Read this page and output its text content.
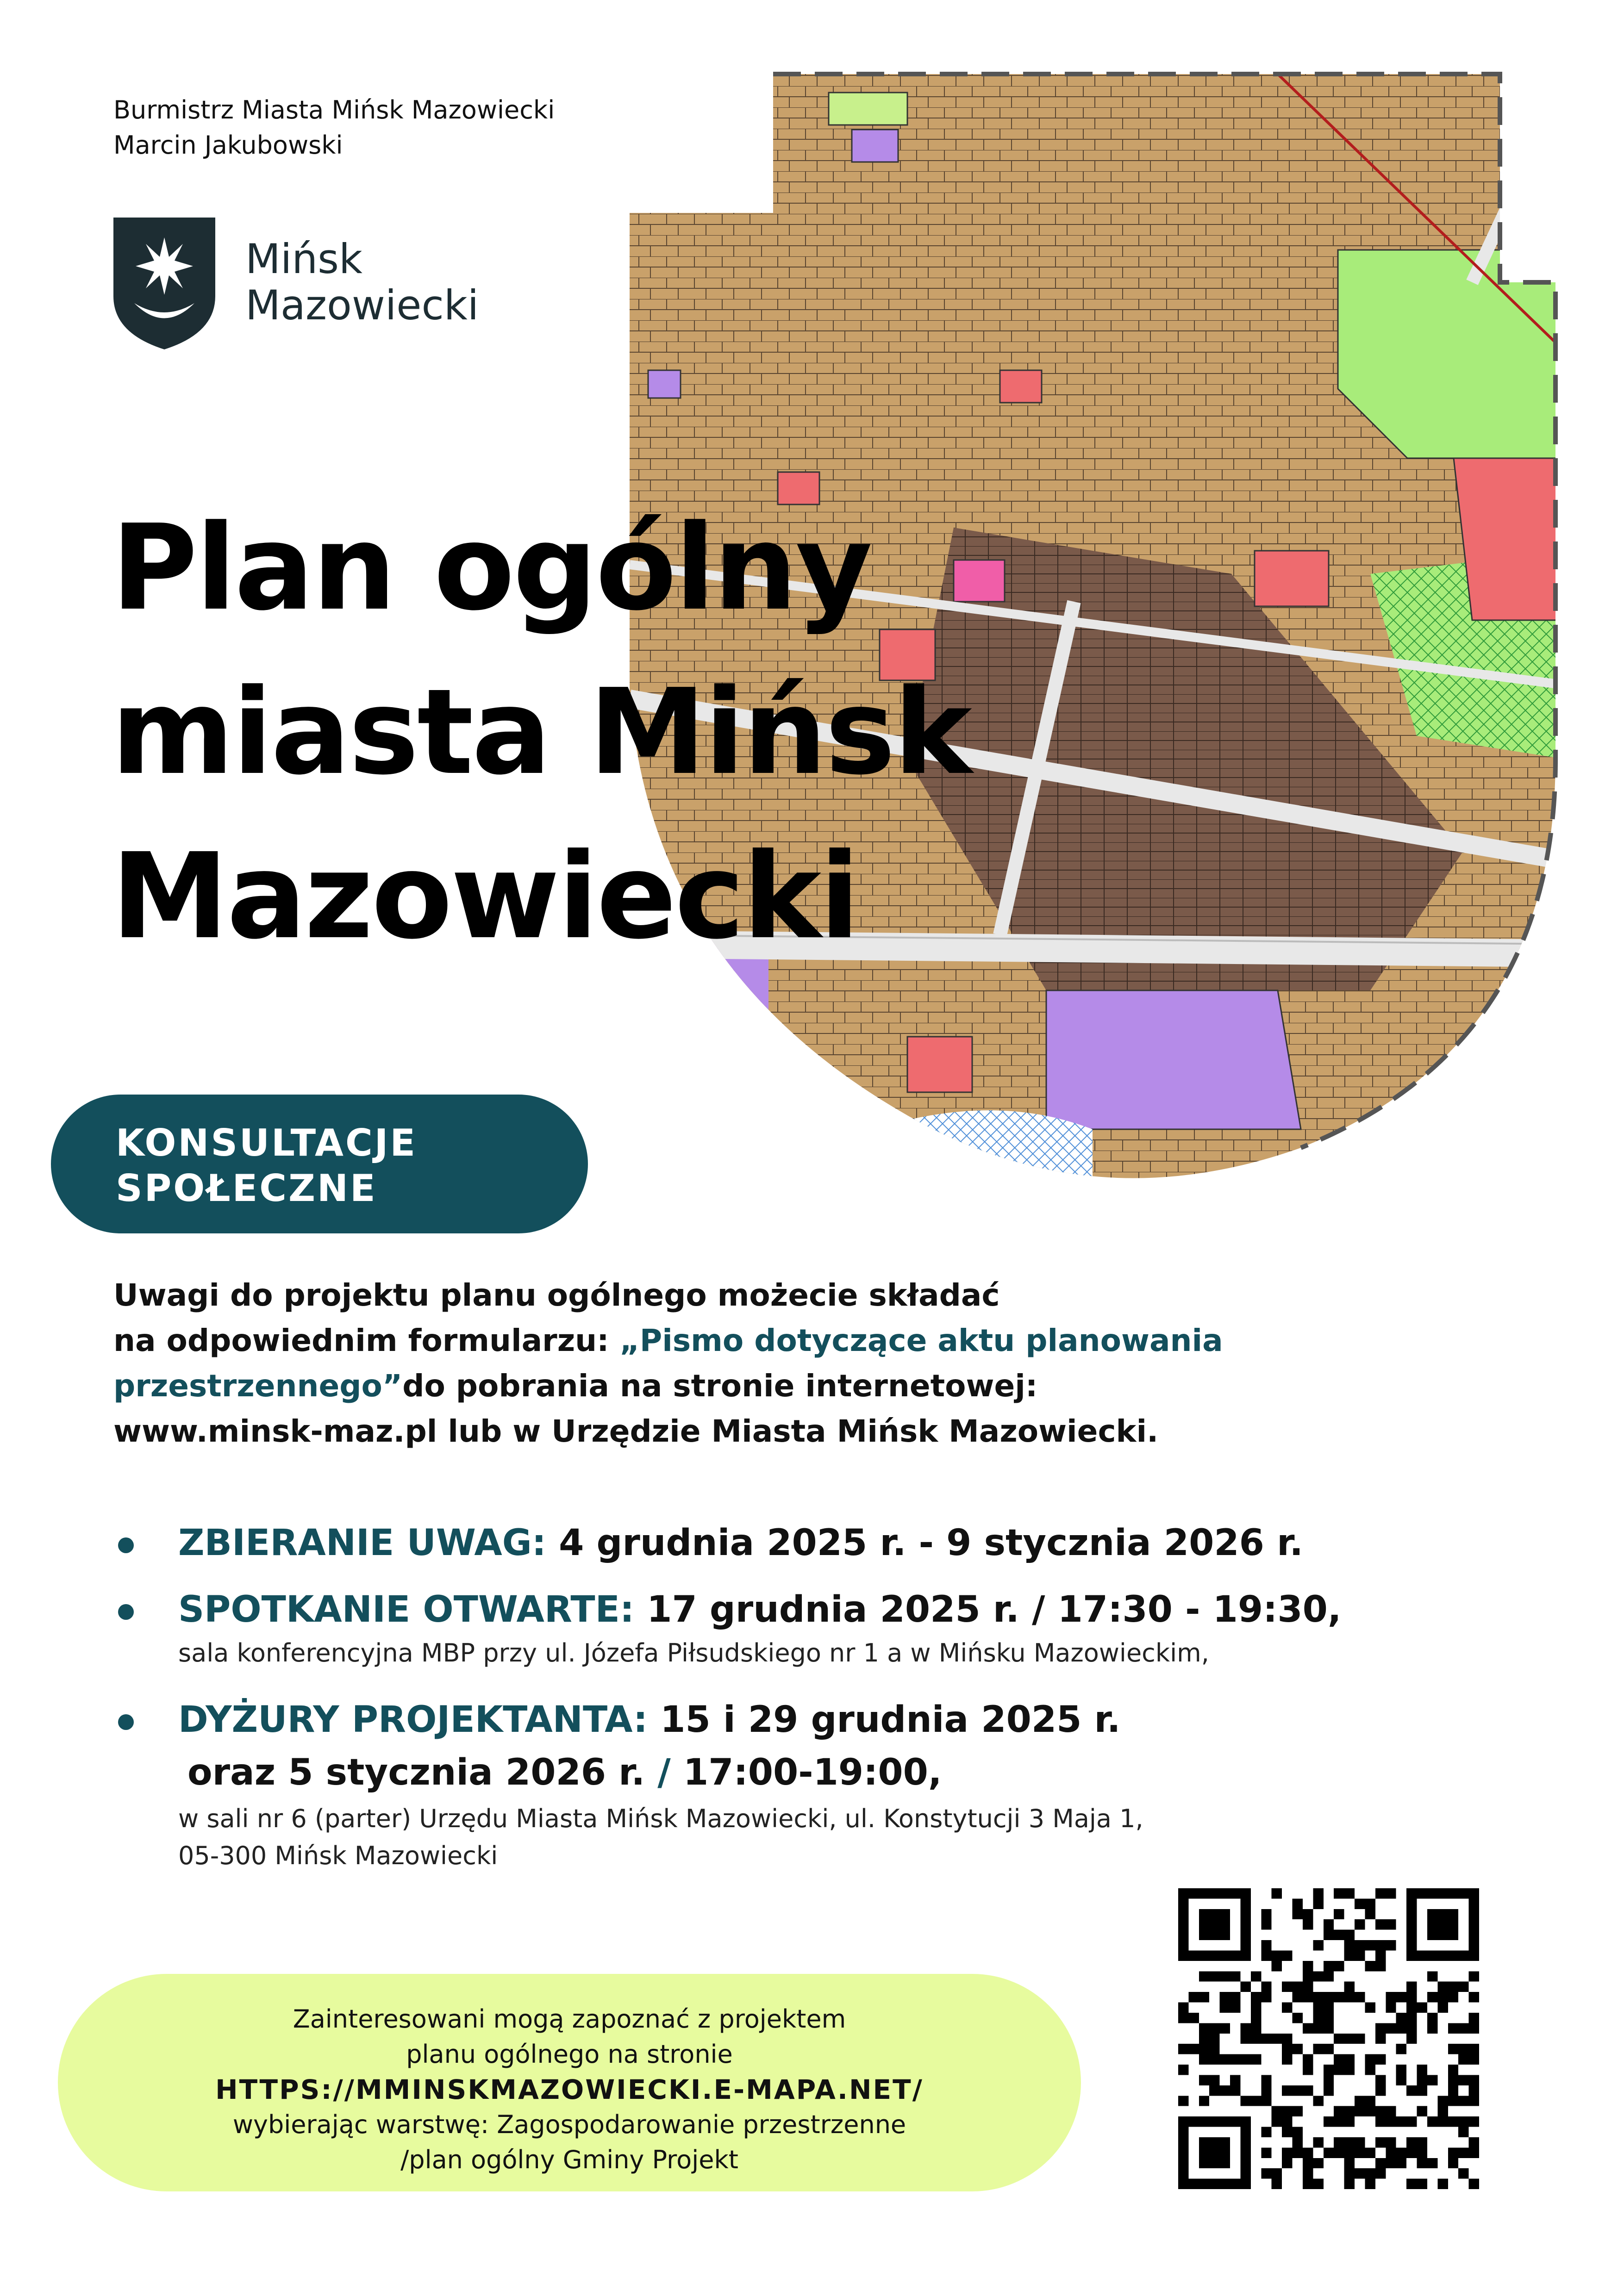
Burmistrz Miasta Mińsk Mazowiecki
Marcin Jakubowski
Mińsk
Mazowiecki
Plan ogólny
miasta Mińsk
Mazowiecki
KONSULTACJE
SPOŁECZNE
Uwagi do projektu planu ogólnego możecie składać
na odpowiednim formularzu: „Pismo dotyczące aktu planowania przestrzennego”do pobrania na stronie internetowej:
www.minsk-maz.pl lub w Urzędzie Miasta Mińsk Mazowiecki.
ZBIERANIE UWAG: 4 grudnia 2025 r. - 9 stycznia 2026 r.
SPOTKANIE OTWARTE: 17 grudnia 2025 r. / 17:30 - 19:30,
sala konferencyjna MBP przy ul. Józefa Piłsudskiego nr 1 a w Mińsku Mazowieckim,
DYŻURY PROJEKTANTA: 15 i 29 grudnia 2025 r.
oraz 5 stycznia 2026 r. / 17:00-19:00,
w sali nr 6 (parter) Urzędu Miasta Mińsk Mazowiecki, ul. Konstytucji 3 Maja 1,
05-300 Mińsk Mazowiecki
Zainteresowani mogą zapoznać z projektem
planu ogólnego na stronie
HTTPS://MMINSKMAZOWIECKI.E-MAPA.NET/
wybierając warstwę: Zagospodarowanie przestrzenne
/plan ogólny Gminy Projekt
